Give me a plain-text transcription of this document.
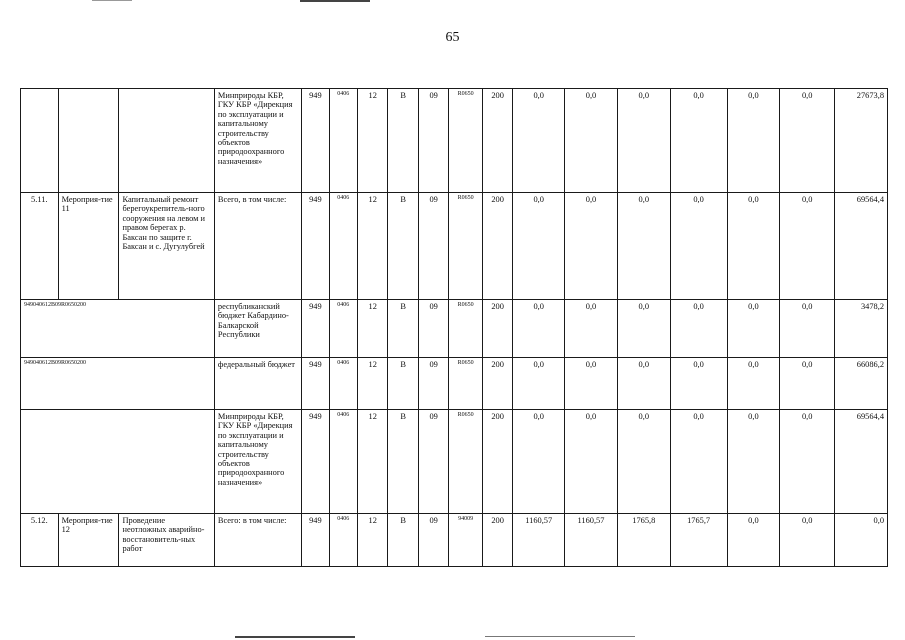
65
			Минприроды КБР, ГКУ КБР «Дирекция по эксплуатации и капитальному строительству объектов природоохранного назначения»	949	0406	12	В	09	R0650	200	0,0	0,0	0,0	0,0	0,0	0,0	27673,8
5.11.	Мероприя-тие 11	Капитальный ремонт берегоукрепитель-ного сооружения на левом и правом берегах р. Баксан по защите г. Баксан и с. Дугулубгей	Всего, в том числе:	949	0406	12	В	09	R0650	200	0,0	0,0	0,0	0,0	0,0	0,0	69564,4
949040612В09R0650200			республиканский бюджет Кабардино-Балкарской Республики	949	0406	12	В	09	R0650	200	0,0	0,0	0,0	0,0	0,0	0,0	3478,2
949040612В09R0650200			федеральный бюджет	949	0406	12	В	09	R0650	200	0,0	0,0	0,0	0,0	0,0	0,0	66086,2
			Минприроды КБР, ГКУ КБР «Дирекция по эксплуатации и капитальному строительству объектов природоохранного назначения»	949	0406	12	В	09	R0650	200	0,0	0,0	0,0	0,0	0,0	0,0	69564,4
5.12.	Мероприя-тие 12	Проведение неотложных аварийно-восстановитель-ных работ	Всего: в том числе:	949	0406	12	В	09	94009	200	1160,57	1160,57	1765,8	1765,7	0,0	0,0	0,0
